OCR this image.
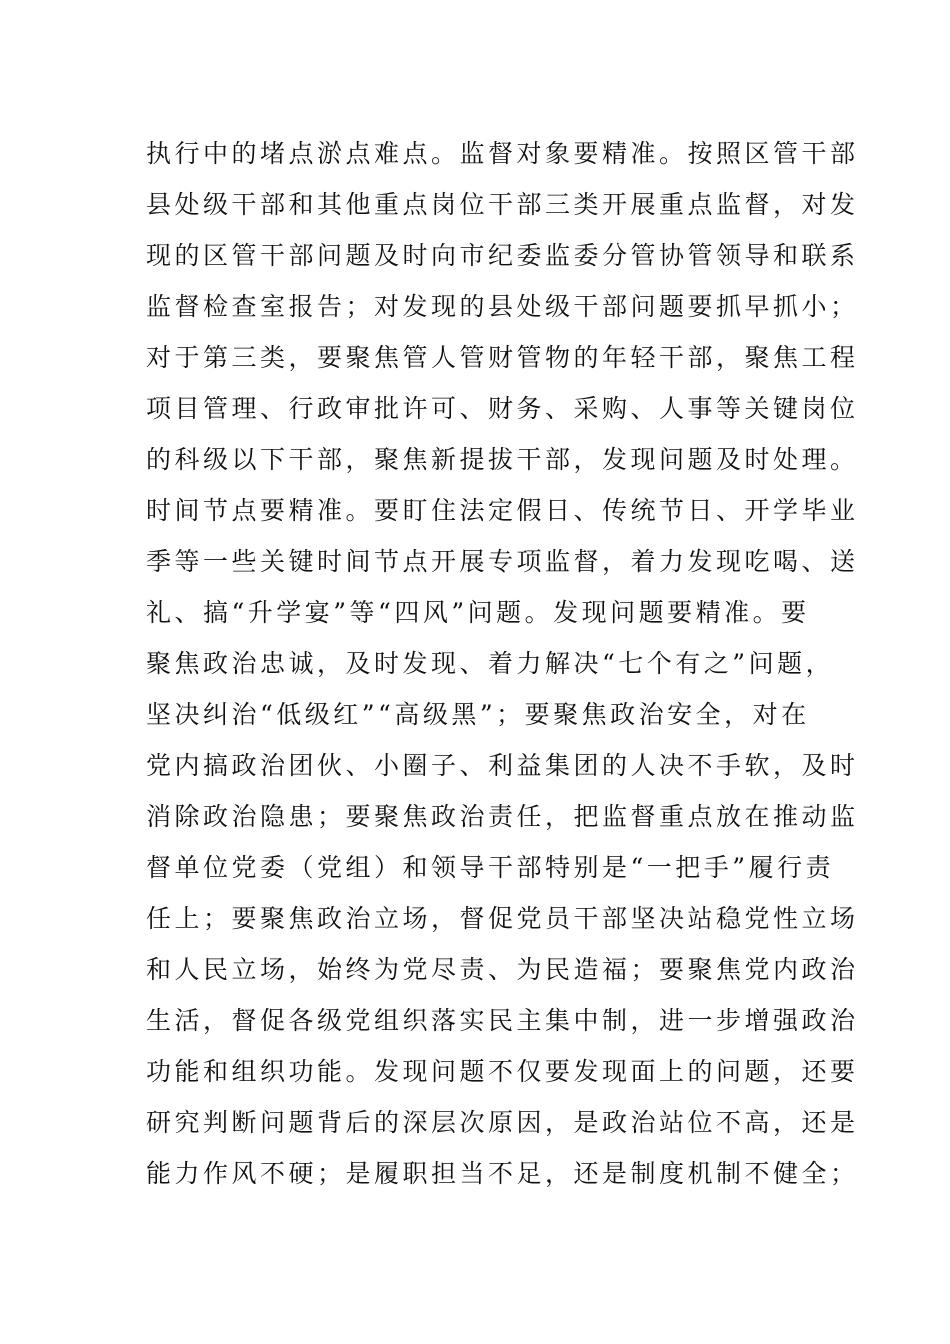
执行中的堵点淤点难点。监督对象要精准。按照区管干部
县处级干部和其他重点岗位干部三类开展重点监督，对发
现的区管干部问题及时向市纪委监委分管协管领导和联系
监督检查室报告；对发现的县处级干部问题要抓早抓小；
对于第三类，要聚焦管人管财管物的年轻干部，聚焦工程
项目管理、行政审批许可、财务、采购、人事等关键岗位
的科级以下干部，聚焦新提拔干部，发现问题及时处理。
时间节点要精准。要盯住法定假日、传统节日、开学毕业
季等一些关键时间节点开展专项监督，着力发现吃喝、送
礼、搞“升学宴”等“四风”问题。发现问题要精准。要
聚焦政治忠诚，及时发现、着力解决“七个有之”问题，
坚决纠治“低级红”“高级黑”；要聚焦政治安全，对在
党内搞政治团伙、小圈子、利益集团的人决不手软，及时
消除政治隐患；要聚焦政治责任，把监督重点放在推动监
督单位党委（党组）和领导干部特别是“一把手”履行责
任上；要聚焦政治立场，督促党员干部坚决站稳党性立场
和人民立场，始终为党尽责、为民造福；要聚焦党内政治
生活，督促各级党组织落实民主集中制，进一步增强政治
功能和组织功能。发现问题不仅要发现面上的问题，还要
研究判断问题背后的深层次原因，是政治站位不高，还是
能力作风不硬；是履职担当不足，还是制度机制不健全；
